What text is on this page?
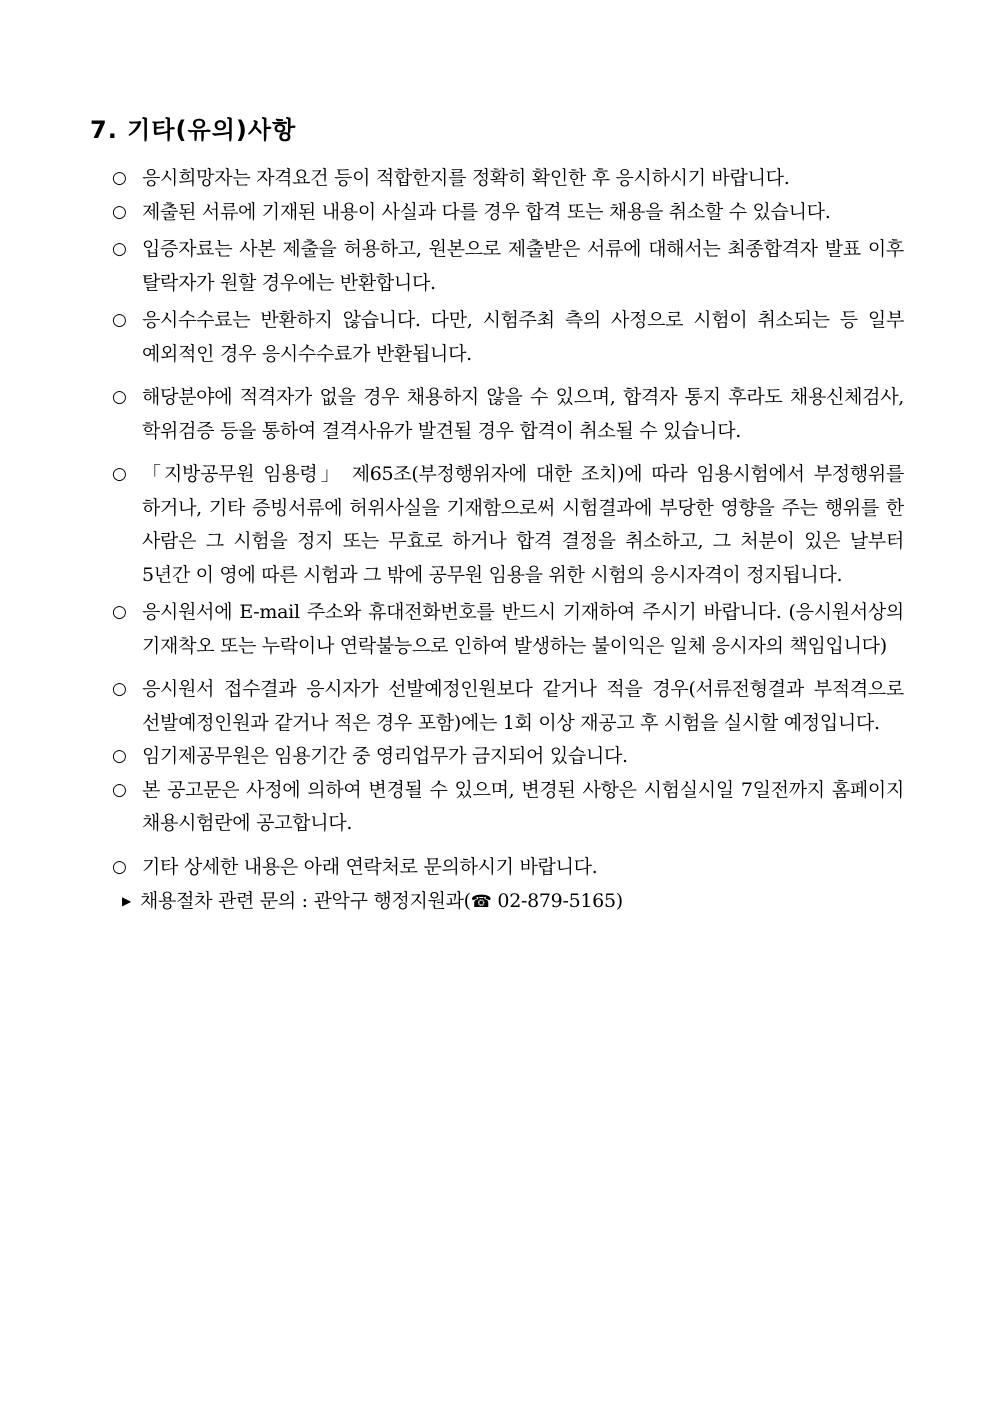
7. 기타(유의)사항
○ 응시희망자는 자격요건 등이 적합한지를 정확히 확인한 후 응시하시기 바랍니다.
○ 제출된 서류에 기재된 내용이 사실과 다를 경우 합격 또는 채용을 취소할 수 있습니다.
○ 입증자료는 사본 제출을 허용하고, 원본으로 제출받은 서류에 대해서는 최종합격자 발표 이후 탈락자가 원할 경우에는 반환합니다.
○ 응시수수료는 반환하지 않습니다. 다만, 시험주최 측의 사정으로 시험이 취소되는 등 일부 예외적인 경우 응시수수료가 반환됩니다.
○ 해당분야에 적격자가 없을 경우 채용하지 않을 수 있으며, 합격자 통지 후라도 채용신체검사, 학위검증 등을 통하여 결격사유가 발견될 경우 합격이 취소될 수 있습니다.
○ 「지방공무원 임용령」 제65조(부정행위자에 대한 조치)에 따라 임용시험에서 부정행위를 하거나, 기타 증빙서류에 허위사실을 기재함으로써 시험결과에 부당한 영향을 주는 행위를 한 사람은 그 시험을 정지 또는 무효로 하거나 합격 결정을 취소하고, 그 처분이 있은 날부터 5년간 이 영에 따른 시험과 그 밖에 공무원 임용을 위한 시험의 응시자격이 정지됩니다.
○ 응시원서에 E-mail 주소와 휴대전화번호를 반드시 기재하여 주시기 바랍니다. (응시원서상의 기재착오 또는 누락이나 연락불능으로 인하여 발생하는 불이익은 일체 응시자의 책임입니다)
○ 응시원서 접수결과 응시자가 선발예정인원보다 같거나 적을 경우(서류전형결과 부적격으로 선발예정인원과 같거나 적은 경우 포함)에는 1회 이상 재공고 후 시험을 실시할 예정입니다.
○ 임기제공무원은 임용기간 중 영리업무가 금지되어 있습니다.
○ 본 공고문은 사정에 의하여 변경될 수 있으며, 변경된 사항은 시험실시일 7일전까지 홈페이지 채용시험란에 공고합니다.
○ 기타 상세한 내용은 아래 연락처로 문의하시기 바랍니다.
▶ 채용절차 관련 문의 : 관악구 행정지원과(☎ 02-879-5165)
